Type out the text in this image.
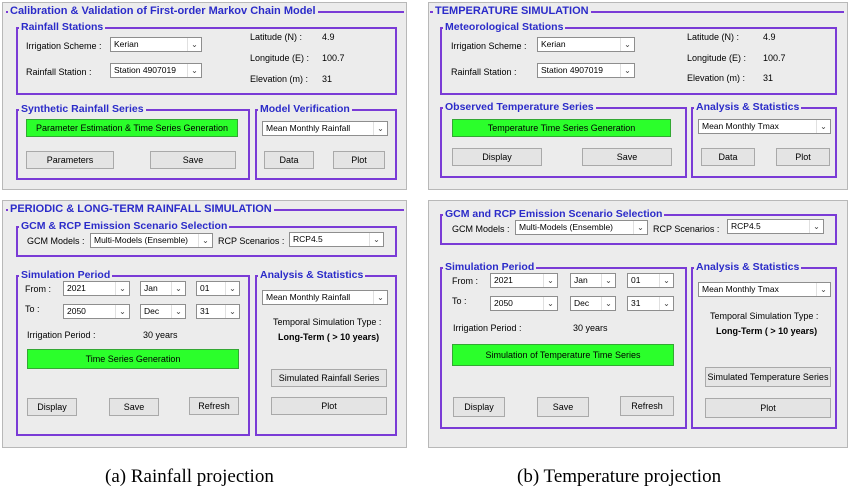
Calibration & Validation of First-order Markov Chain Model
Rainfall Stations
Irrigation Scheme :	Kerian	⌄
Rainfall Station :	Station 4907019	⌄
Latitude (N) : 4.9
Longitude (E) : 100.7
Elevation (m) : 31
Synthetic Rainfall Series
Parameter Estimation & Time Series Generation
Parameters	Save
Model Verification
Mean Monthly Rainfall	⌄
Data	Plot
PERIODIC & LONG-TERM RAINFALL SIMULATION
GCM & RCP Emission Scenario Selection
GCM Models :	Multi-Models (Ensemble)	⌄	RCP Scenarios :	RCP4.5	⌄
Simulation Period
From :	2021	⌄	Jan	⌄	01	⌄
To :	2050	⌄	Dec	⌄	31	⌄
Irrigation Period :	30 years
Time Series Generation
Display	Save	Refresh
Analysis & Statistics
Mean Monthly Rainfall	⌄
Temporal Simulation Type :
Long-Term ( > 10 years)
Simulated Rainfall Series
Plot
(a) Rainfall projection
TEMPERATURE SIMULATION
Meteorological Stations
Irrigation Scheme :	Kerian	⌄
Rainfall Station :	Station 4907019	⌄
Latitude (N) :	4.9
Longitude (E) : 100.7
Elevation (m) : 31
Observed Temperature Series
Temperature Time Series Generation
Display	Save
Analysis & Statistics
Mean Monthly Tmax	⌄
Data	Plot
GCM and RCP Emission Scenario Selection
GCM Models :	Multi-Models (Ensemble)	⌄	RCP Scenarios :	RCP4.5	⌄
Simulation Period
From :	2021	⌄	Jan	⌄	01	⌄
To :	2050	⌄	Dec	⌄	31	⌄
Irrigation Period :	30 years
Simulation of Temperature Time Series
Display	Save	Refresh
Analysis & Statistics
Mean Monthly Tmax	⌄
Temporal Simulation Type :
Long-Term ( > 10 years)
Simulated Temperature Series
Plot
(b) Temperature projection
